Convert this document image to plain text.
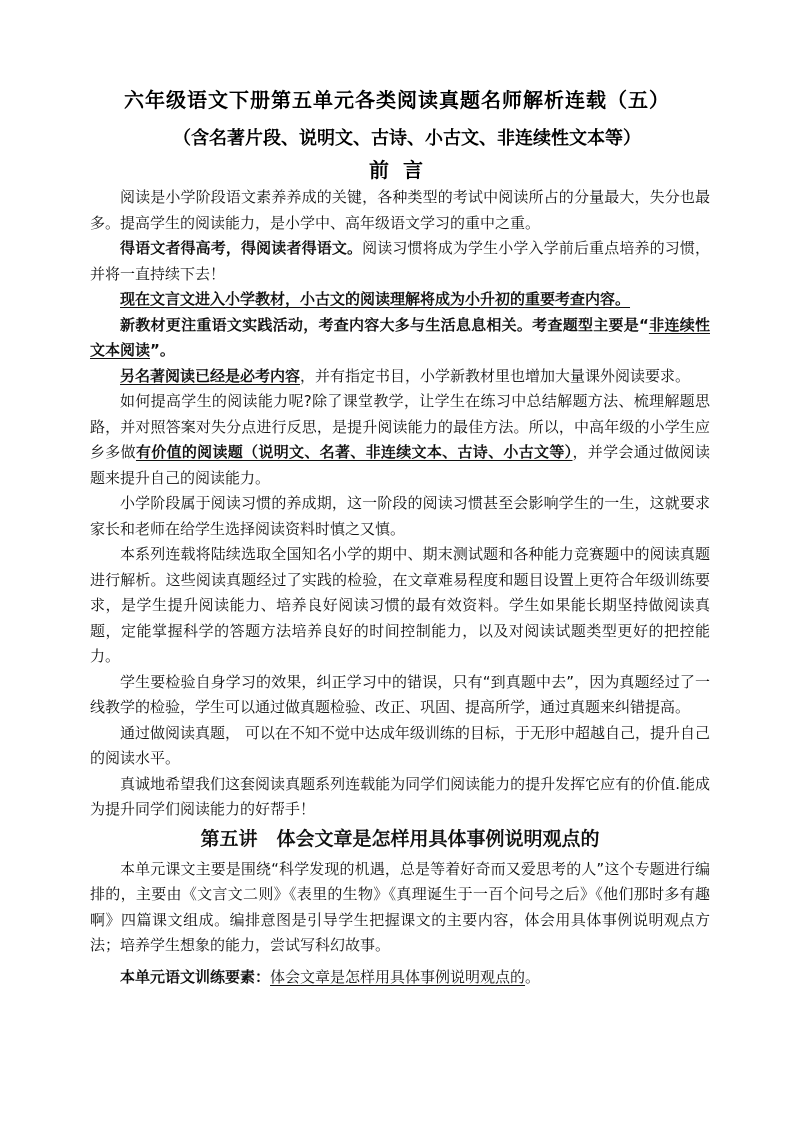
六年级语文下册第五单元各类阅读真题名师解析连载（五）
（含名著片段、说明文、古诗、小古文、非连续性文本等）
前言

阅读是小学阶段语文素养养成的关键，各种类型的考试中阅读所占的分量最大，失分也最多。提高学生的阅读能力，是小学中、高年级语文学习的重中之重。

得语文者得高考，得阅读者得语文。阅读习惯将成为学生小学入学前后重点培养的习惯，并将一直持续下去！

现在文言文进入小学教材，小古文的阅读理解将成为小升初的重要考查内容。

新教材更注重语文实践活动，考查内容大多与生活息息相关。考查题型主要是“非连续性文本阅读”。

另名著阅读已经是必考内容，并有指定书目，小学新教材里也增加大量课外阅读要求。

如何提高学生的阅读能力呢?除了课堂教学，让学生在练习中总结解题方法、梳理解题思路，并对照答案对失分点进行反思，是提升阅读能力的最佳方法。所以，中高年级的小学生应乡多做有价值的阅读题（说明文、名著、非连续文本、古诗、小古文等），并学会通过做阅读题来提升自己的阅读能力。

小学阶段属于阅读习惯的养成期，这一阶段的阅读习惯甚至会影响学生的一生，这就要求家长和老师在给学生选择阅读资料时慎之又慎。

本系列连载将陆续选取全国知名小学的期中、期末测试题和各种能力竞赛题中的阅读真题进行解析。这些阅读真题经过了实践的检验，在文章难易程度和题目设置上更符合年级训练要求，是学生提升阅读能力、培养良好阅读习惯的最有效资料。学生如果能长期坚持做阅读真题，定能掌握科学的答题方法培养良好的时间控制能力，以及对阅读试题类型更好的把控能力。

学生要检验自身学习的效果，纠正学习中的错误，只有“到真题中去”，因为真题经过了一线教学的检验，学生可以通过做真题检验、改正、巩固、提高所学，通过真题来纠错提高。

通过做阅读真题， 可以在不知不觉中达成年级训练的目标，于无形中超越自己，提升自己的阅读水平。

真诚地希望我们这套阅读真题系列连载能为同学们阅读能力的提升发挥它应有的价值.能成为提升同学们阅读能力的好帮手！

第五讲　体会文章是怎样用具体事例说明观点的

本单元课文主要是围绕“科学发现的机遇，总是等着好奇而又爱思考的人”这个专题进行编排的，主要由《文言文二则》《表里的生物》《真理诞生于一百个问号之后》《他们那时多有趣啊》四篇课文组成。编排意图是引导学生把握课文的主要内容，体会用具体事例说明观点方法；培养学生想象的能力，尝试写科幻故事。

本单元语文训练要素：体会文章是怎样用具体事例说明观点的。
